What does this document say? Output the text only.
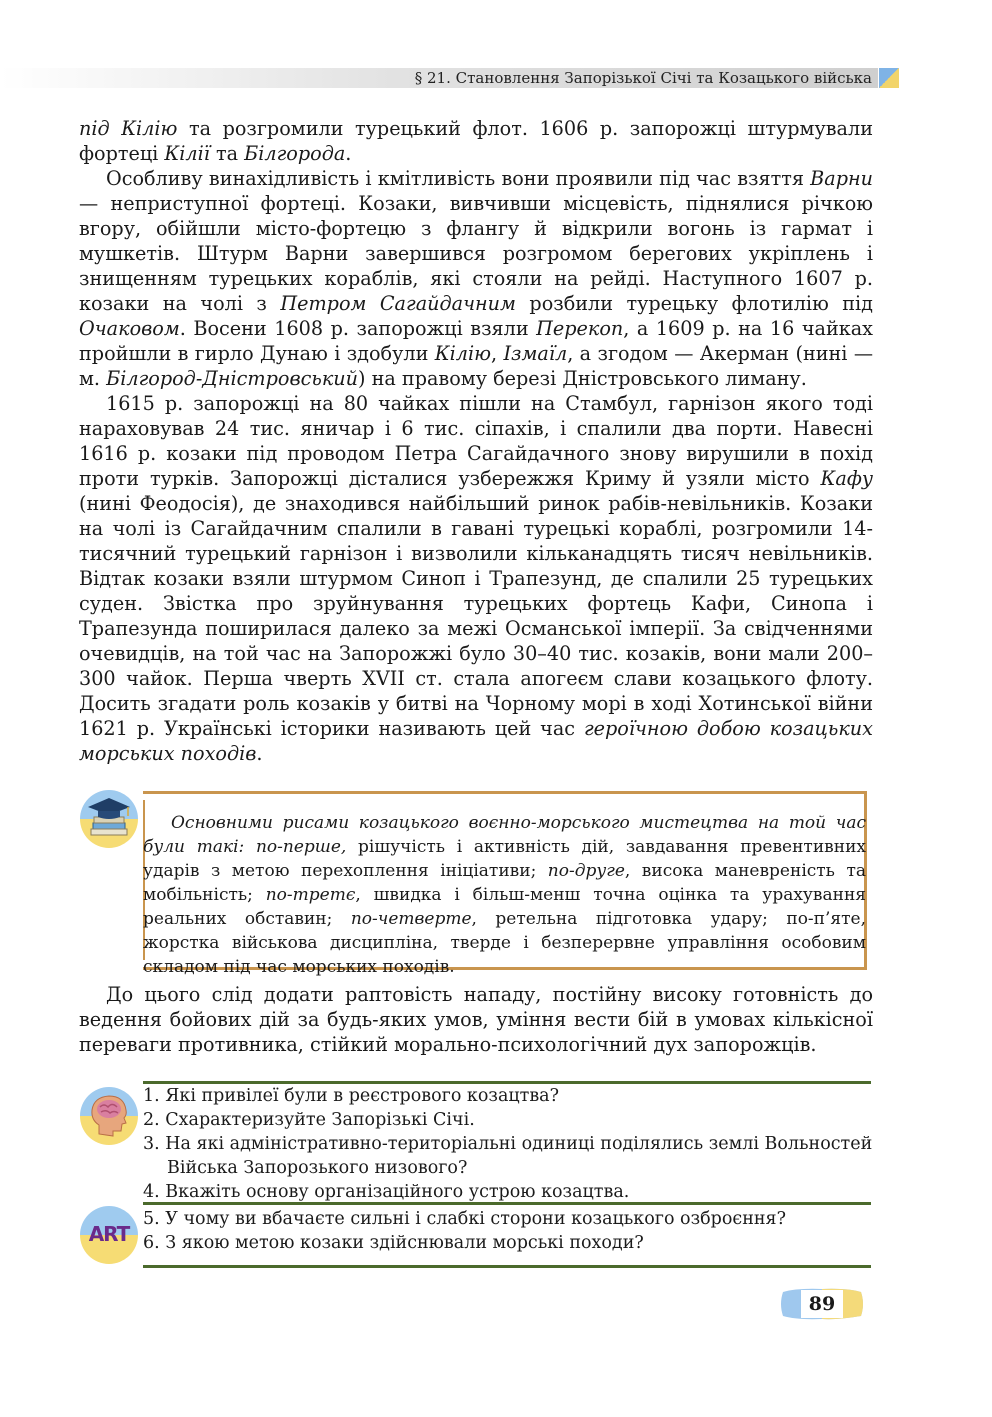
§ 21. Становлення Запорізької Січі та Козацького війська

під Кілію та розгромили турецький флот. 1606 р. запорожці штурмували фортеці Кілії та Білгорода.

Особливу винахідливість і кмітливість вони проявили під час взяття Варни — неприступної фортеці. Козаки, вивчивши місцевість, піднялися річкою вгору, обійшли місто-фортецю з флангу й відкрили вогонь із гармат і мушкетів. Штурм Варни завершився розгромом берегових укріплень і знищенням турецьких кораблів, які стояли на рейді. Наступного 1607 р. козаки на чолі з Петром Сагайдачним розбили турецьку флотилію під Очаковом. Восени 1608 р. запорожці взяли Перекоп, а 1609 р. на 16 чайках пройшли в гирло Дунаю і здобули Кілію, Ізмаїл, а згодом — Акерман (нині — м. Білгород-Дністровський) на правому березі Дністровського лиману.

1615 р. запорожці на 80 чайках пішли на Стамбул, гарнізон якого тоді нараховував 24 тис. яничар і 6 тис. сіпахів, і спалили два порти. Навесні 1616 р. козаки під проводом Петра Сагайдачного знову вирушили в похід проти турків. Запорожці дісталися узбережжя Криму й узяли місто Кафу (нині Феодосія), де знаходився найбільший ринок рабів-невільників. Козаки на чолі із Сагайдачним спалили в гавані турецькі кораблі, розгромили 14-тисячний турецький гарнізон і визволили кільканадцять тисяч невільників. Відтак козаки взяли штурмом Синоп і Трапезунд, де спалили 25 турецьких суден. Звістка про зруйнування турецьких фортець Кафи, Синопа і Трапезунда поширилася далеко за межі Османської імперії. За свідченнями очевидців, на той час на Запорожжі було 30–40 тис. козаків, вони мали 200–300 чайок. Перша чверть XVII ст. стала апогеєм слави козацького флоту. Досить згадати роль козаків у битві на Чорному морі в ході Хотинської війни 1621 р. Українські історики називають цей час героїчною добою козацьких морських походів.

Основними рисами козацького воєнно-морського мистецтва на той час були такі: по-перше, рішучість і активність дій, завдавання превентивних ударів з метою перехоплення ініціативи; по-друге, висока маневреність та мобільність; по-третє, швидка і більш-менш точна оцінка та урахування реальних обставин; по-четверте, ретельна підготовка удару; по-п’яте, жорстка військова дисципліна, тверде і безперервне управління особовим складом під час морських походів.

До цього слід додати раптовість нападу, постійну високу готовність до ведення бойових дій за будь-яких умов, уміння вести бій в умовах кількісної переваги противника, стійкий морально-психологічний дух запорожців.

1. Які привілеї були в реєстрового козацтва?

2. Схарактеризуйте Запорізькі Січі.

3. На які адміністративно-територіальні одиниці поділялись землі Вольностей Війська Запорозького низового?

4. Вкажіть основу організаційного устрою козацтва.

ART

5. У чому ви вбачаєте сильні і слабкі сторони козацького озброєння?

6. З якою метою козаки здійснювали морські походи?

89
